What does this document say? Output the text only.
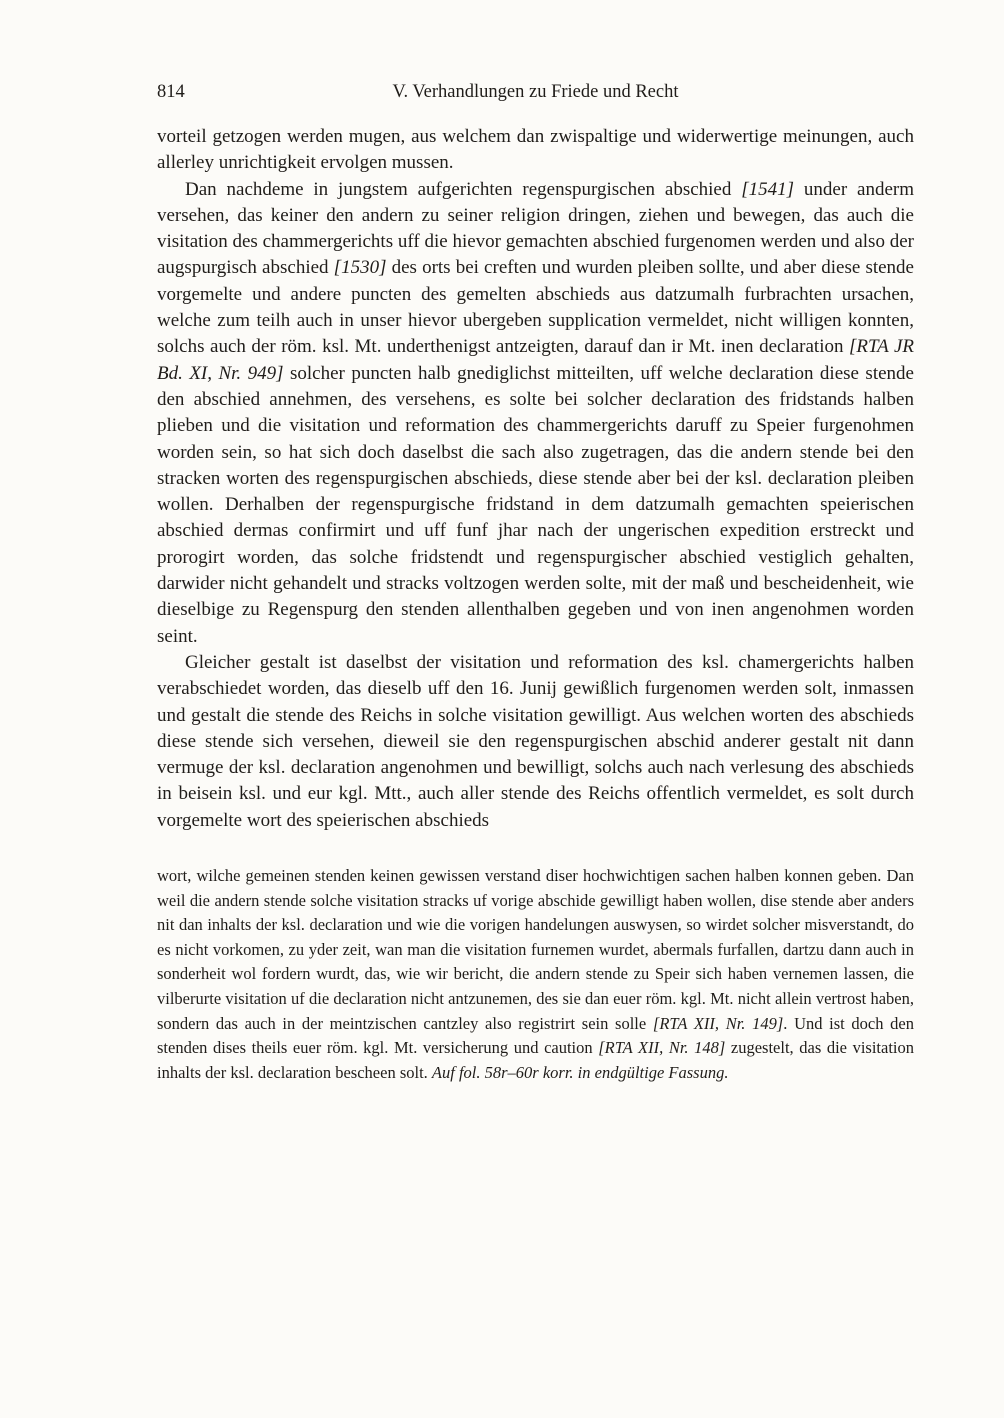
814	V. Verhandlungen zu Friede und Recht

vorteil getzogen werden mugen, aus welchem dan zwispaltige und widerwertige meinungen, auch allerley unrichtigkeit ervolgen mussen.

Dan nachdeme in jungstem aufgerichten regenspurgischen abschied [1541] under anderm versehen, das keiner den andern zu seiner religion dringen, ziehen und bewegen, das auch die visitation des chammergerichts uff die hievor gemachten abschied furgenomen werden und also der augspurgisch abschied [1530] des orts bei creften und wurden pleiben sollte, und aber diese stende vorgemelte und andere puncten des gemelten abschieds aus datzumalh furbrachten ursachen, welche zum teilh auch in unser hievor ubergeben supplication vermeldet, nicht willigen konnten, solchs auch der röm. ksl. Mt. underthenigst antzeigten, darauf dan ir Mt. inen declaration [RTA JR Bd. XI, Nr. 949] solcher puncten halb gnediglichst mitteilten, uff welche declaration diese stende den abschied annehmen, des versehens, es solte bei solcher declaration des fridstands halben plieben und die visitation und reformation des chammergerichts daruff zu Speier furgenohmen worden sein, so hat sich doch daselbst die sach also zugetragen, das die andern stende bei den stracken worten des regenspurgischen abschieds, diese stende aber bei der ksl. declaration pleiben wollen. Derhalben der regenspurgische fridstand in dem datzumalh gemachten speierischen abschied dermas confirmirt und uff funf jhar nach der ungerischen expedition erstreckt und prorogirt worden, das solche fridstendt und regenspurgischer abschied vestiglich gehalten, darwider nicht gehandelt und stracks voltzogen werden solte, mit der maß und bescheidenheit, wie dieselbige zu Regenspurg den stenden allenthalben gegeben und von inen angenohmen worden seint.

Gleicher gestalt ist daselbst der visitation und reformation des ksl. chamergerichts halben verabschiedet worden, das dieselb uff den 16. Junij gewißlich furgenomen werden solt, inmassen und gestalt die stende des Reichs in solche visitation gewilligt. Aus welchen worten des abschieds diese stende sich versehen, dieweil sie den regenspurgischen abschid anderer gestalt nit dann vermuge der ksl. declaration angenohmen und bewilligt, solchs auch nach verlesung des abschieds in beisein ksl. und eur kgl. Mtt., auch aller stende des Reichs offentlich vermeldet, es solt durch vorgemelte wort des speierischen abschieds

wort, wilche gemeinen stenden keinen gewissen verstand diser hochwichtigen sachen halben konnen geben. Dan weil die andern stende solche visitation stracks uf vorige abschide gewilligt haben wollen, dise stende aber anders nit dan inhalts der ksl. declaration und wie die vorigen handelungen auswysen, so wirdet solcher misverstandt, do es nicht vorkomen, zu yder zeit, wan man die visitation furnemen wurdet, abermals furfallen, dartzu dann auch in sonderheit wol fordern wurdt, das, wie wir bericht, die andern stende zu Speir sich haben vernemen lassen, die vilberurte visitation uf die declaration nicht antzunemen, des sie dan euer röm. kgl. Mt. nicht allein vertrost haben, sondern das auch in der meintzischen cantzley also registrirt sein solle [RTA XII, Nr. 149]. Und ist doch den stenden dises theils euer röm. kgl. Mt. versicherung und caution [RTA XII, Nr. 148] zugestelt, das die visitation inhalts der ksl. declaration bescheen solt. Auf fol. 58r–60r korr. in endgültige Fassung.
